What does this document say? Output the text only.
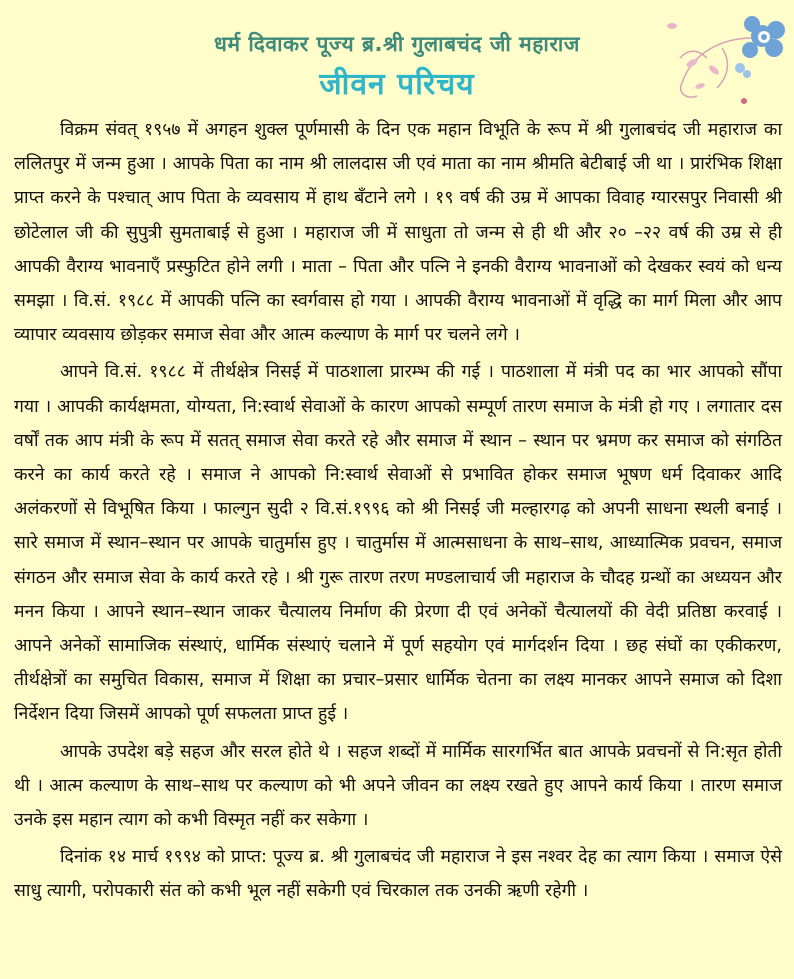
धर्म दिवाकर पूज्य ब्र.श्री गुलाबचंद जी महाराज
जीवन परिचय

विक्रम संवत् १९५७ में अगहन शुक्ल पूर्णमासी के दिन एक महान विभूति के रूप में श्री गुलाबचंद जी महाराज का ललितपुर में जन्म हुआ । आपके पिता का नाम श्री लालदास जी एवं माता का नाम श्रीमति बेटीबाई जी था । प्रारंभिक शिक्षा प्राप्त करने के पश्चात् आप पिता के व्यवसाय में हाथ बँटाने लगे । १९ वर्ष की उम्र में आपका विवाह ग्यारसपुर निवासी श्री छोटेलाल जी की सुपुत्री सुमताबाई से हुआ । महाराज जी में साधुता तो जन्म से ही थी और २० –२२ वर्ष की उम्र से ही आपकी वैराग्य भावनाएँ प्रस्फुटित होने लगी । माता – पिता और पत्नि ने इनकी वैराग्य भावनाओं को देखकर स्वयं को धन्य समझा । वि.सं. १९८८ में आपकी पत्नि का स्वर्गवास हो गया । आपकी वैराग्य भावनाओं में वृद्धि का मार्ग मिला और आप व्यापार व्यवसाय छोड़कर समाज सेवा और आत्म कल्याण के मार्ग पर चलने लगे ।

आपने वि.सं. १९८८ में तीर्थक्षेत्र निसई में पाठशाला प्रारम्भ की गई । पाठशाला में मंत्री पद का भार आपको सौंपा गया । आपकी कार्यक्षमता, योग्यता, नि:स्वार्थ सेवाओं के कारण आपको सम्पूर्ण तारण समाज के मंत्री हो गए । लगातार दस वर्षों तक आप मंत्री के रूप में सतत् समाज सेवा करते रहे और समाज में स्थान – स्थान पर भ्रमण कर समाज को संगठित करने का कार्य करते रहे । समाज ने आपको नि:स्वार्थ सेवाओं से प्रभावित होकर समाज भूषण धर्म दिवाकर आदि अलंकरणों से विभूषित किया । फाल्गुन सुदी २ वि.सं.१९९६ को श्री निसई जी मल्हारगढ़ को अपनी साधना स्थली बनाई । सारे समाज में स्थान–स्थान पर आपके चातुर्मास हुए । चातुर्मास में आत्मसाधना के साथ–साथ, आध्यात्मिक प्रवचन, समाज संगठन और समाज सेवा के कार्य करते रहे । श्री गुरू तारण तरण मण्डलाचार्य जी महाराज के चौदह ग्रन्थों का अध्ययन और मनन किया । आपने स्थान–स्थान जाकर चैत्यालय निर्माण की प्रेरणा दी एवं अनेकों चैत्यालयों की वेदी प्रतिष्ठा करवाई । आपने अनेकों सामाजिक संस्थाएं, धार्मिक संस्थाएं चलाने में पूर्ण सहयोग एवं मार्गदर्शन दिया । छह संघों का एकीकरण, तीर्थक्षेत्रों का समुचित विकास, समाज में शिक्षा का प्रचार–प्रसार धार्मिक चेतना का लक्ष्य मानकर आपने समाज को दिशा निर्देशन दिया जिसमें आपको पूर्ण सफलता प्राप्त हुई ।

आपके उपदेश बड़े सहज और सरल होते थे । सहज शब्दों में मार्मिक सारगर्भित बात आपके प्रवचनों से नि:सृत होती थी । आत्म कल्याण के साथ–साथ पर कल्याण को भी अपने जीवन का लक्ष्य रखते हुए आपने कार्य किया । तारण समाज उनके इस महान त्याग को कभी विस्मृत नहीं कर सकेगा ।

दिनांक १४ मार्च १९९४ को प्राप्त: पूज्य ब्र. श्री गुलाबचंद जी महाराज ने इस नश्वर देह का त्याग किया । समाज ऐसे साधु त्यागी, परोपकारी संत को कभी भूल नहीं सकेगी एवं चिरकाल तक उनकी ऋणी रहेगी ।
